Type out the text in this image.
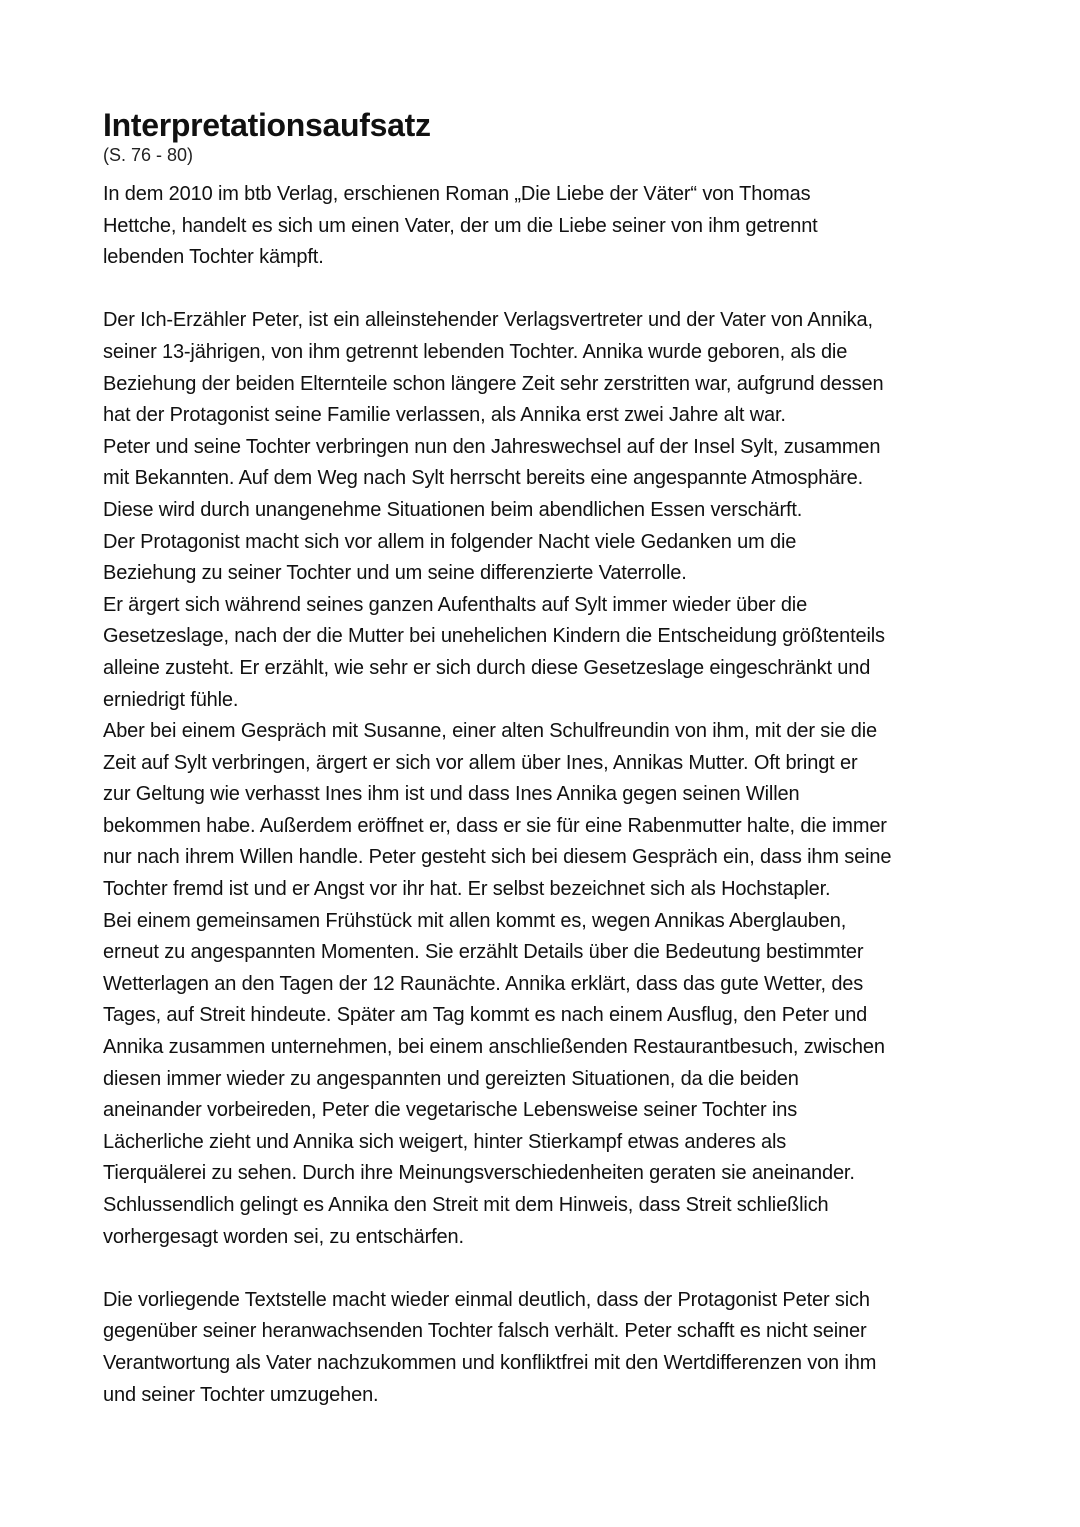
Interpretationsaufsatz

(S. 76 - 80)

In dem 2010 im btb Verlag, erschienen Roman „Die Liebe der Väter“ von Thomas
Hettche, handelt es sich um einen Vater, der um die Liebe seiner von ihm getrennt
lebenden Tochter kämpft.

Der Ich-Erzähler Peter, ist ein alleinstehender Verlagsvertreter und der Vater von Annika,
seiner 13-jährigen, von ihm getrennt lebenden Tochter. Annika wurde geboren, als die
Beziehung der beiden Elternteile schon längere Zeit sehr zerstritten war, aufgrund dessen
hat der Protagonist seine Familie verlassen, als Annika erst zwei Jahre alt war.
Peter und seine Tochter verbringen nun den Jahreswechsel auf der Insel Sylt, zusammen
mit Bekannten. Auf dem Weg nach Sylt herrscht bereits eine angespannte Atmosphäre.
Diese wird durch unangenehme Situationen beim abendlichen Essen verschärft.
Der Protagonist macht sich vor allem in folgender Nacht viele Gedanken um die
Beziehung zu seiner Tochter und um seine differenzierte Vaterrolle.
Er ärgert sich während seines ganzen Aufenthalts auf Sylt immer wieder über die
Gesetzeslage, nach der die Mutter bei unehelichen Kindern die Entscheidung größtenteils
alleine zusteht. Er erzählt, wie sehr er sich durch diese Gesetzeslage eingeschränkt und
erniedrigt fühle.
Aber bei einem Gespräch mit Susanne, einer alten Schulfreundin von ihm, mit der sie die
Zeit auf Sylt verbringen, ärgert er sich vor allem über Ines, Annikas Mutter. Oft bringt er
zur Geltung wie verhasst Ines ihm ist und dass Ines Annika gegen seinen Willen
bekommen habe. Außerdem eröffnet er, dass er sie für eine Rabenmutter halte, die immer
nur nach ihrem Willen handle. Peter gesteht sich bei diesem Gespräch ein, dass ihm seine
Tochter fremd ist und er Angst vor ihr hat. Er selbst bezeichnet sich als Hochstapler.
Bei einem gemeinsamen Frühstück mit allen kommt es, wegen Annikas Aberglauben,
erneut zu angespannten Momenten. Sie erzählt Details über die Bedeutung bestimmter
Wetterlagen an den Tagen der 12 Raunächte. Annika erklärt, dass das gute Wetter, des
Tages, auf Streit hindeute. Später am Tag kommt es nach einem Ausflug, den Peter und
Annika zusammen unternehmen, bei einem anschließenden Restaurantbesuch, zwischen
diesen immer wieder zu angespannten und gereizten Situationen, da die beiden
aneinander vorbeireden, Peter die vegetarische Lebensweise seiner Tochter ins
Lächerliche zieht und Annika sich weigert, hinter Stierkampf etwas anderes als
Tierquälerei zu sehen. Durch ihre Meinungsverschiedenheiten geraten sie aneinander.
Schlussendlich gelingt es Annika den Streit mit dem Hinweis, dass Streit schließlich
vorhergesagt worden sei, zu entschärfen.

Die vorliegende Textstelle macht wieder einmal deutlich, dass der Protagonist Peter sich
gegenüber seiner heranwachsenden Tochter falsch verhält. Peter schafft es nicht seiner
Verantwortung als Vater nachzukommen und konfliktfrei mit den Wertdifferenzen von ihm
und seiner Tochter umzugehen.
